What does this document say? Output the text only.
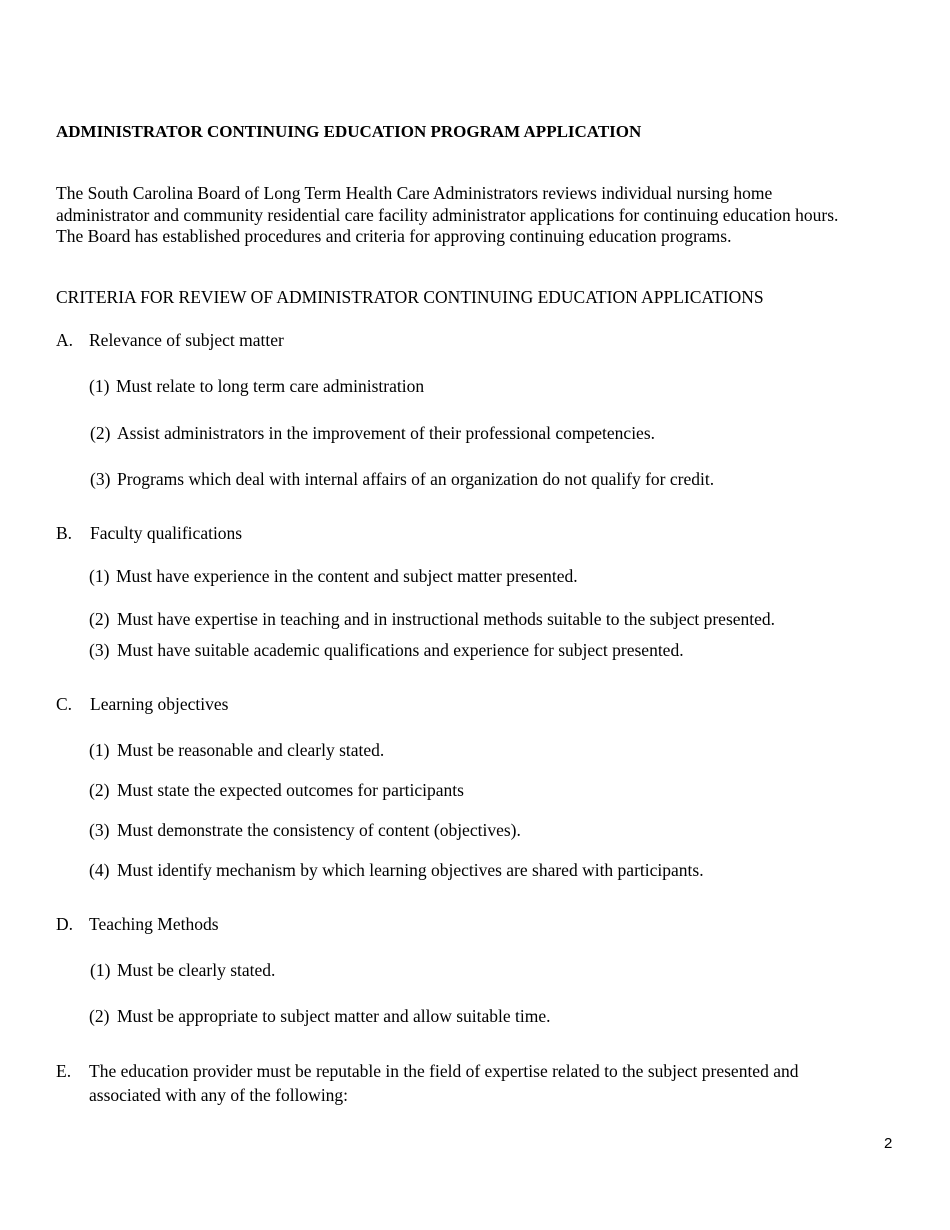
ADMINISTRATOR CONTINUING EDUCATION PROGRAM APPLICATION
The South Carolina Board of Long Term Health Care Administrators reviews individual nursing home
administrator and community residential care facility administrator applications for continuing education hours.
The Board has established procedures and criteria for approving continuing education programs.
CRITERIA FOR REVIEW OF ADMINISTRATOR CONTINUING EDUCATION APPLICATIONS
A. Relevance of subject matter
(1) Must relate to long term care administration
(2) Assist administrators in the improvement of their professional competencies.
(3) Programs which deal with internal affairs of an organization do not qualify for credit.
B. Faculty qualifications
(1) Must have experience in the content and subject matter presented.
(2) Must have expertise in teaching and in instructional methods suitable to the subject presented.
(3) Must have suitable academic qualifications and experience for subject presented.
C. Learning objectives
(1) Must be reasonable and clearly stated.
(2) Must state the expected outcomes for participants
(3) Must demonstrate the consistency of content (objectives).
(4) Must identify mechanism by which learning objectives are shared with participants.
D. Teaching Methods
(1) Must be clearly stated.
(2) Must be appropriate to subject matter and allow suitable time.
E. The education provider must be reputable in the field of expertise related to the subject presented and
associated with any of the following:
2
